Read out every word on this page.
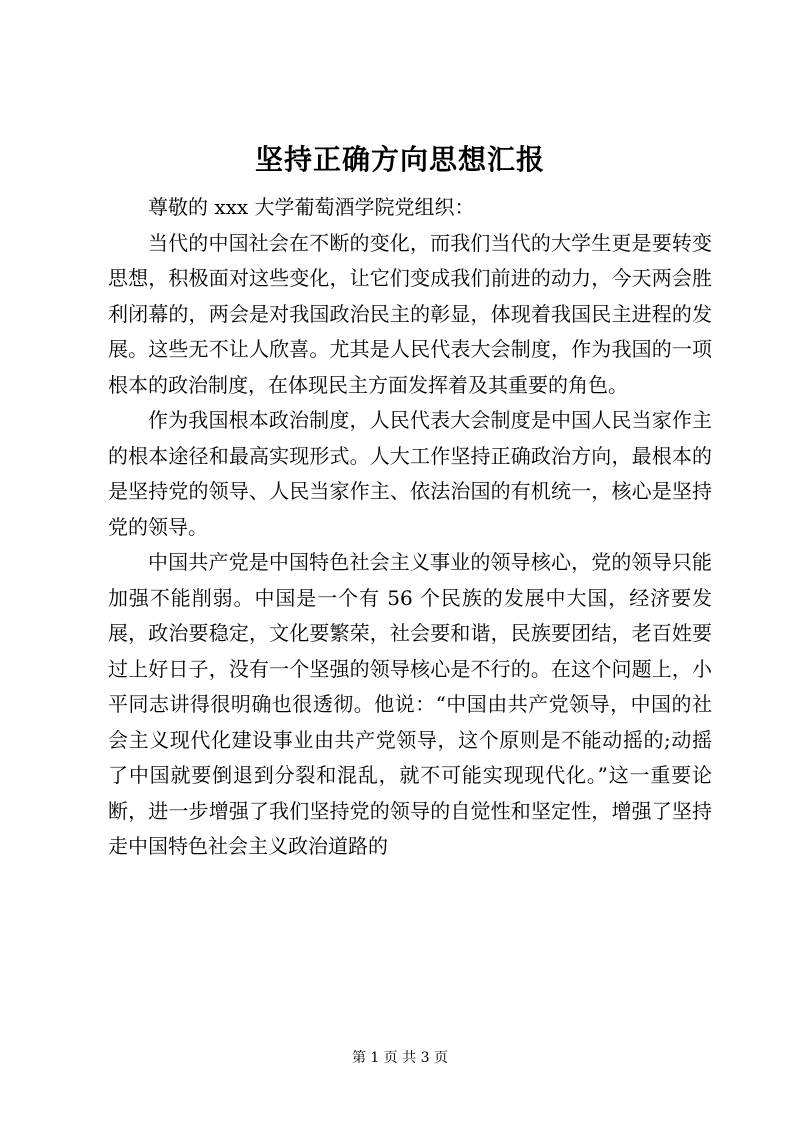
坚持正确方向思想汇报

尊敬的 xxx 大学葡萄酒学院党组织：

当代的中国社会在不断的变化，而我们当代的大学生更是要转变思想，积极面对这些变化，让它们变成我们前进的动力，今天两会胜利闭幕的，两会是对我国政治民主的彰显，体现着我国民主进程的发展。这些无不让人欣喜。尤其是人民代表大会制度，作为我国的一项根本的政治制度，在体现民主方面发挥着及其重要的角色。

作为我国根本政治制度，人民代表大会制度是中国人民当家作主的根本途径和最高实现形式。人大工作坚持正确政治方向，最根本的是坚持党的领导、人民当家作主、依法治国的有机统一，核心是坚持党的领导。

中国共产党是中国特色社会主义事业的领导核心，党的领导只能加强不能削弱。中国是一个有 56 个民族的发展中大国，经济要发展，政治要稳定，文化要繁荣，社会要和谐，民族要团结，老百姓要过上好日子，没有一个坚强的领导核心是不行的。在这个问题上，小平同志讲得很明确也很透彻。他说：“中国由共产党领导，中国的社会主义现代化建设事业由共产党领导，这个原则是不能动摇的;动摇了中国就要倒退到分裂和混乱，就不可能实现现代化。”这一重要论断，进一步增强了我们坚持党的领导的自觉性和坚定性，增强了坚持走中国特色社会主义政治道路的

第 1 页 共 3 页
